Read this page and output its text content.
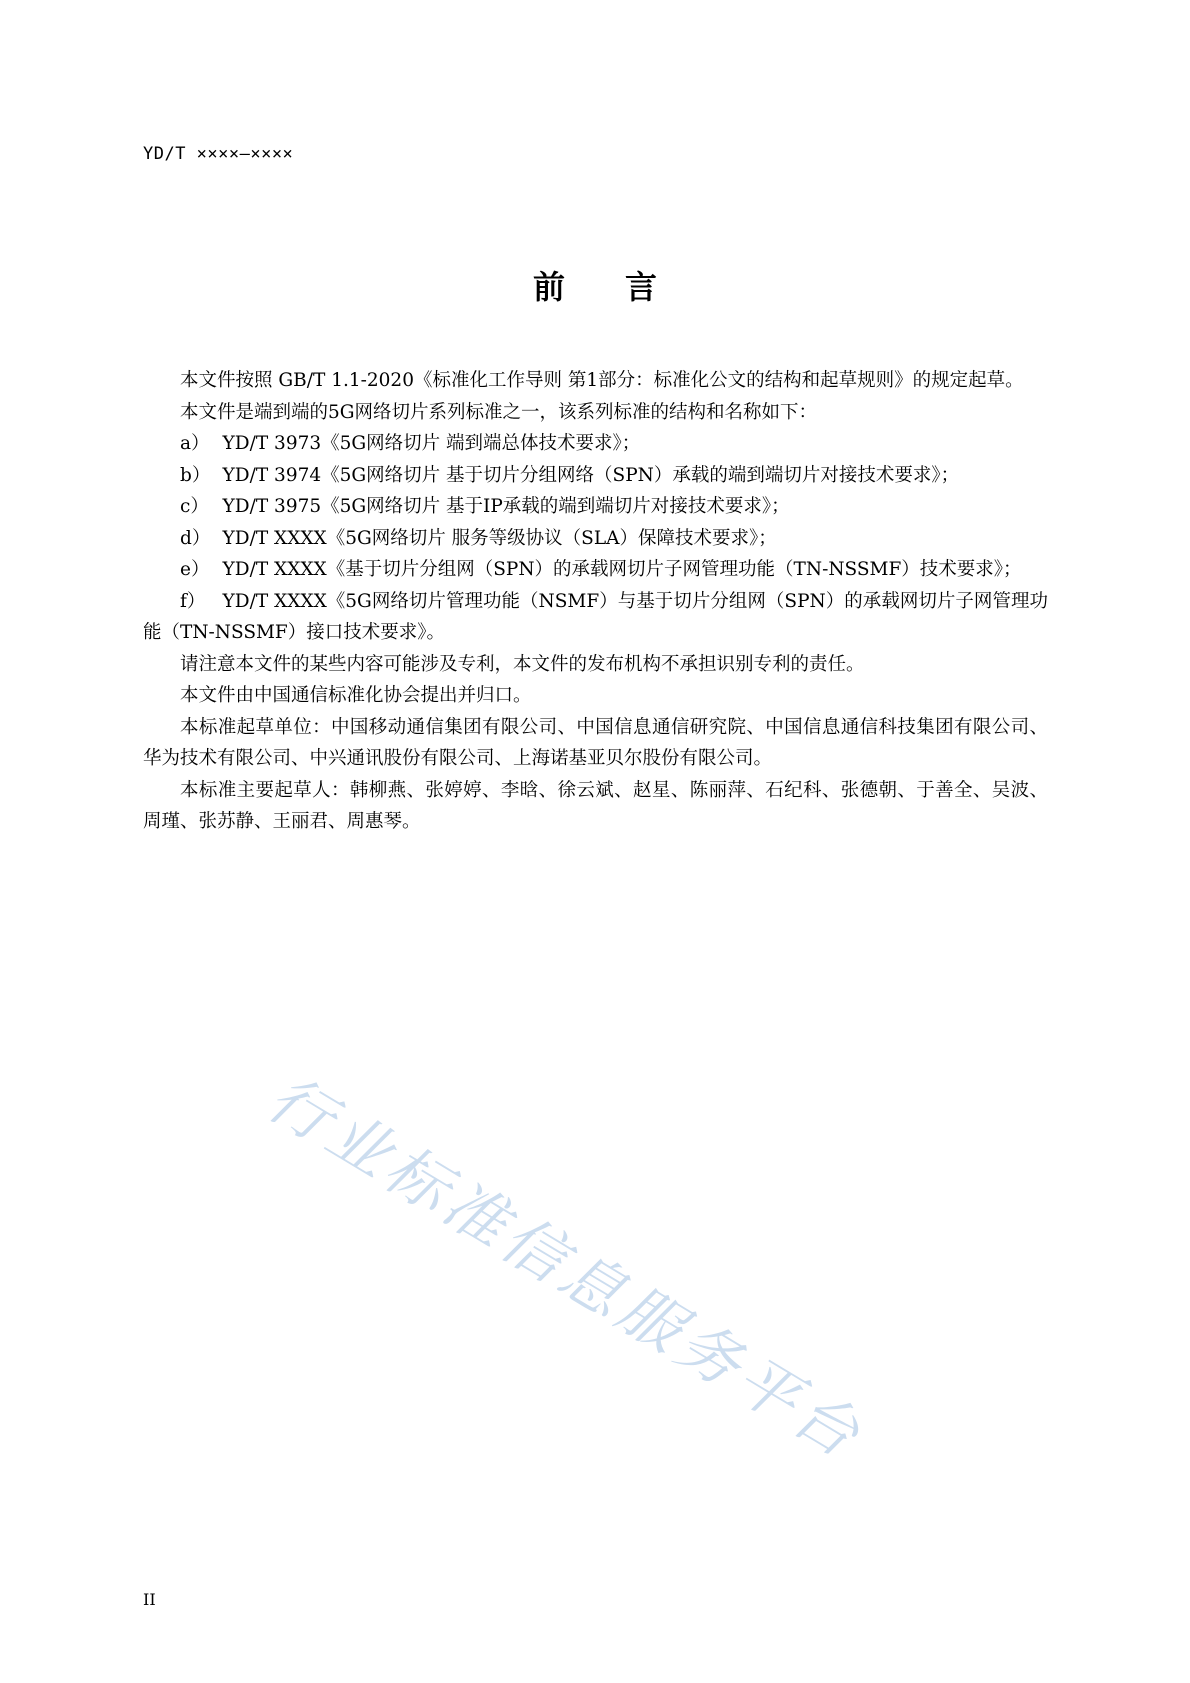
YD/T ××××—××××
前言

本文件按照 GB/T 1.1-2020《标准化工作导则 第1部分：标准化公文的结构和起草规则》的规定起草。

本文件是端到端的5G网络切片系列标准之一，该系列标准的结构和名称如下：

a） YD/T 3973《5G网络切片 端到端总体技术要求》；

b） YD/T 3974《5G网络切片 基于切片分组网络（SPN）承载的端到端切片对接技术要求》；

c） YD/T 3975《5G网络切片 基于IP承载的端到端切片对接技术要求》；

d） YD/T XXXX《5G网络切片 服务等级协议（SLA）保障技术要求》；

e） YD/T XXXX《基于切片分组网（SPN）的承载网切片子网管理功能（TN-NSSMF）技术要求》；

f） YD/T XXXX《5G网络切片管理功能（NSMF）与基于切片分组网（SPN）的承载网切片子网管理功能（TN-NSSMF）接口技术要求》。

请注意本文件的某些内容可能涉及专利，本文件的发布机构不承担识别专利的责任。

本文件由中国通信标准化协会提出并归口。

本标准起草单位：中国移动通信集团有限公司、中国信息通信研究院、中国信息通信科技集团有限公司、华为技术有限公司、中兴通讯股份有限公司、上海诺基亚贝尔股份有限公司。

本标准主要起草人：韩柳燕、张婷婷、李晗、徐云斌、赵星、陈丽萍、石纪科、张德朝、于善全、吴波、周瑾、张苏静、王丽君、周惠琴。

行业标准信息服务平台
II
